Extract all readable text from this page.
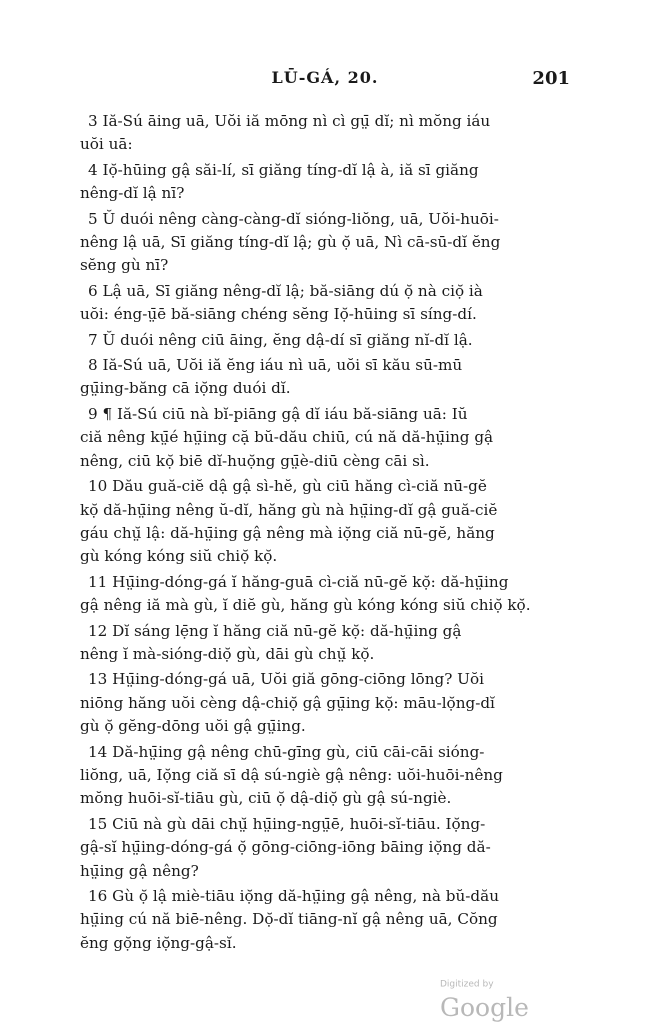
LŪ-GÁ, 20.	201
3 Iă-Sú āing uā, Uŏi iă mōng nì cì gṳ̄ dĭ; nì mŏng iáu
uŏi uā:
4 Iọ̆-hūing gậ săi-lí, sī giăng tíng-dĭ lậ à, iă sī giăng
nêng-dĭ lậ nī?
5 Ŭ duói nêng càng-càng-dĭ sióng-liŏng, uā, Uŏi-huōi-
nêng lậ uā, Sī giăng tíng-dĭ lậ; gù ọ̆ uā, Nì cā-sū-dĭ ĕng
sĕng gù nī?
6 Lậ uā, Sī giăng nêng-dĭ lậ; bă-siāng dú ọ̆ nà ciọ̆ ià
uŏi: éng-ṳ̄ē bă-siāng chéng sĕng Iọ̆-hūing sī síng-dí.
7 Ŭ duói nêng ciū āing, ĕng dậ-dí sī giăng nĭ-dĭ lậ.
8 Iă-Sú uā, Uŏi iă ĕng iáu nì uā, uŏi sī kău sū-mū
gṳ̄ing-băng cā iọ̆ng duói dĭ.
9 ¶ Iă-Sú ciū nà bĭ-piāng gậ dĭ iáu bă-siāng uā: Iŭ
ciă nêng kṳ̄é hṳ̄ing cặ bŭ-dău chiū, cú nă dă-hṳ̄ing gậ
nêng, ciū kọ̆ biē dĭ-huọ̆ng gṳ̄è-diū cèng cāi sì.
10 Dău guă-ciĕ dậ gậ sì-hĕ, gù ciū hăng cì-ciă nū-gĕ
kọ̆ dă-hṳ̄ing nêng ŭ-dĭ, hăng gù nà hṳ̄ing-dĭ gậ guă-ciĕ
gáu chṳ̆ lậ: dă-hṳ̄ing gậ nêng mà iọ̆ng ciă nū-gĕ, hăng
gù kóng kóng siŭ chiọ̆ kọ̆.
11 Hṳ̄ing-dóng-gá ĭ hăng-guā cì-ciă nū-gĕ kọ̆: dă-hṳ̄ing
gậ nêng iă mà gù, ĭ diĕ gù, hăng gù kóng kóng siŭ chiọ̆ kọ̆.
12 Dĭ sáng lẹ̄ng ĭ hăng ciă nū-gĕ kọ̆: dă-hṳ̄ing gậ
nêng ĭ mà-sióng-diọ̆ gù, dāi gù chṳ̆ kọ̆.
13 Hṳ̄ing-dóng-gá uā, Uŏi giă gōng-ciōng lōng? Uŏi
niōng hăng uŏi cèng dậ-chiọ̆ gậ gṳ̄ing kọ̆: māu-lọ̆ng-dĭ
gù ọ̆ gĕng-dōng uŏi gậ gṳ̄ing.
14 Dă-hṳ̄ing gậ nêng chū-gīng gù, ciū cāi-cāi sióng-
liŏng, uā, Iọ̆ng ciă sī dậ sú-ngiè gậ nêng: uŏi-huōi-nêng
mŏng huōi-sĭ-tiāu gù, ciū ọ̆ dậ-diọ̆ gù gậ sú-ngiè.
15 Ciū nà gù dāi chṳ̆ hṳ̄ing-ngṳ̄ē, huōi-sĭ-tiāu. Iọ̆ng-
gậ-sĭ hṳ̄ing-dóng-gá ọ̆ gōng-ciōng-iōng bāing iọ̆ng dă-
hṳ̄ing gậ nêng?
16 Gù ọ̆ lậ miè-tiāu iọ̆ng dă-hṳ̄ing gậ nêng, nà bŭ-dău
hṳ̄ing cú nă biē-nêng. Dọ̆-dĭ tiāng-nĭ gậ nêng uā, Cŏng
ĕng gọ̆ng iọ̆ng-gậ-sĭ.
Digitized by Google
